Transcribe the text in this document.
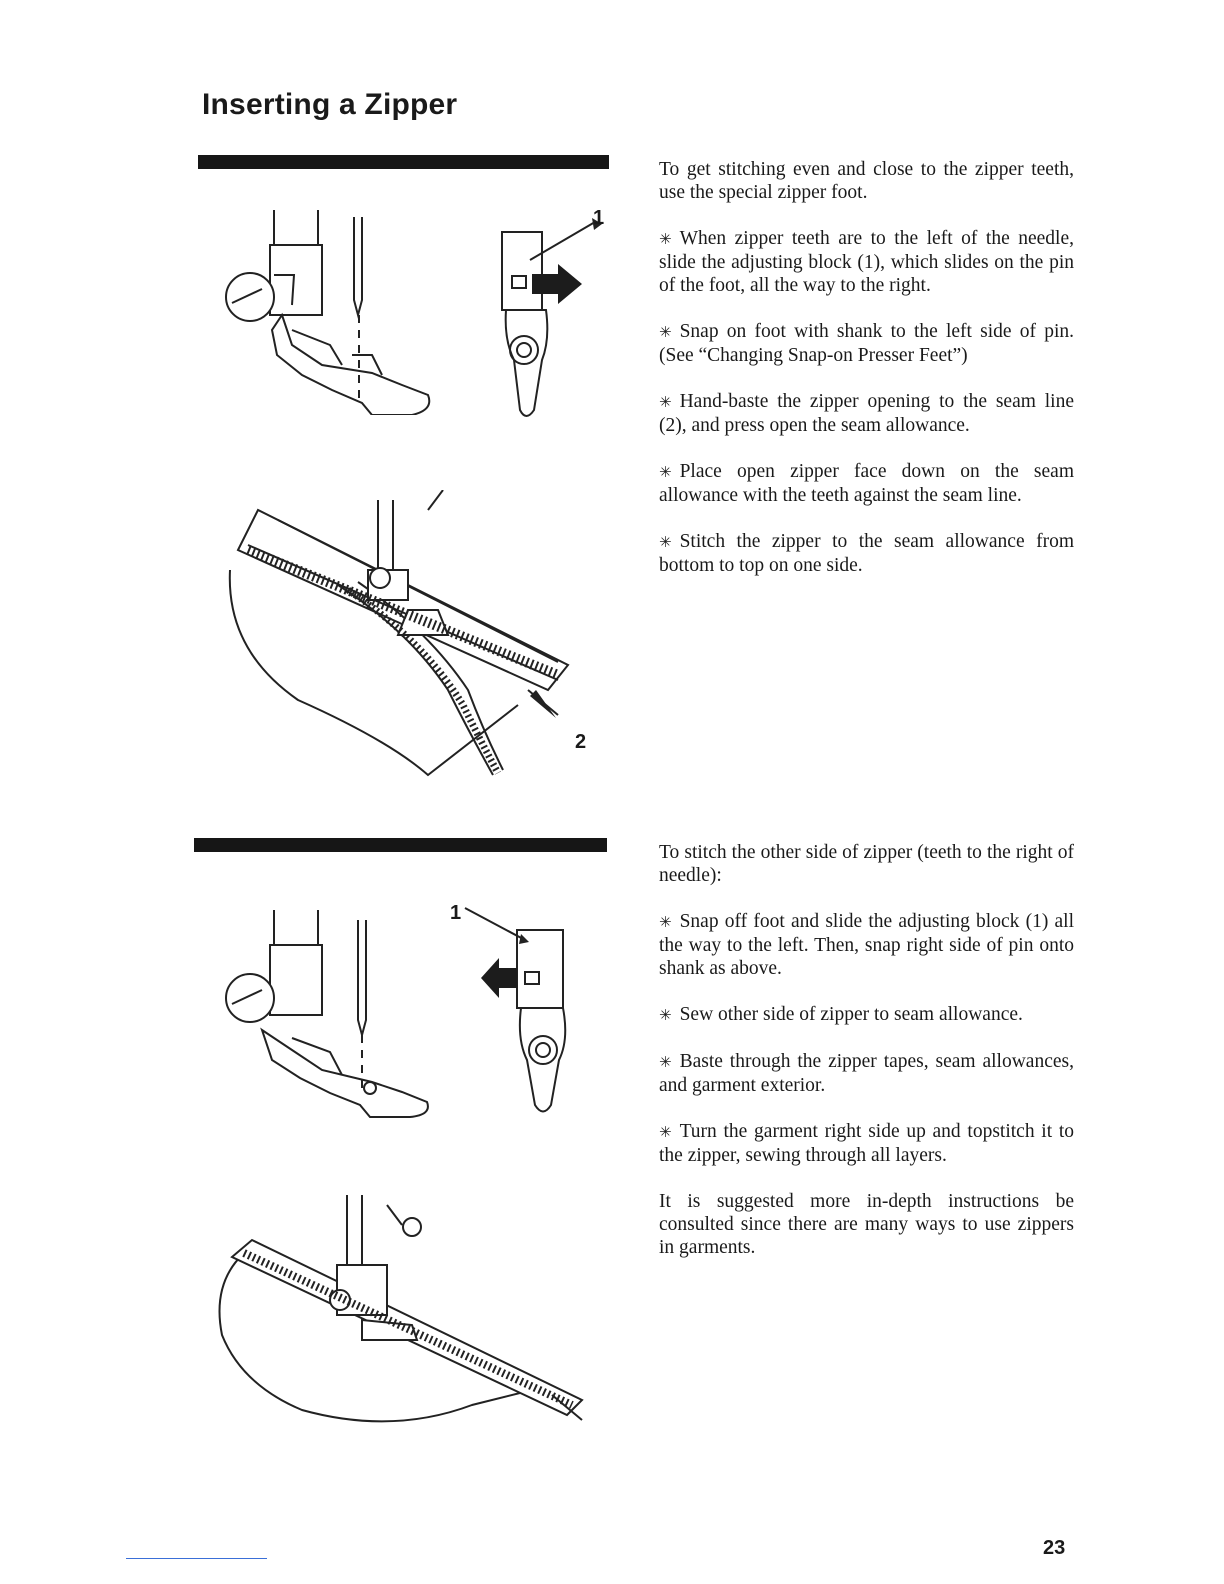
Inserting a Zipper
1
2
1

To get stitching even and close to the zipper teeth, use the special zipper foot.

✳ When zipper teeth are to the left of the needle, slide the adjusting block (1), which slides on the pin of the foot, all the way to the right.

✳ Snap on foot with shank to the left side of pin. (See “Changing Snap-on Presser Feet”)

✳ Hand-baste the zipper opening to the seam line (2), and press open the seam allowance.

✳ Place open zipper face down on the seam allowance with the teeth against the seam line.

✳ Stitch the zipper to the seam allowance from bottom to top on one side.

To stitch the other side of zipper (teeth to the right of needle):

✳ Snap off foot and slide the adjusting block (1) all the way to the left. Then, snap right side of pin onto shank as above.

✳ Sew other side of zipper to seam allowance.

✳ Baste through the zipper tapes, seam allowances, and garment exterior.

✳ Turn the garment right side up and topstitch it to the zipper, sewing through all layers.

It is suggested more in-depth instructions be consulted since there are many ways to use zippers in garments.

23
